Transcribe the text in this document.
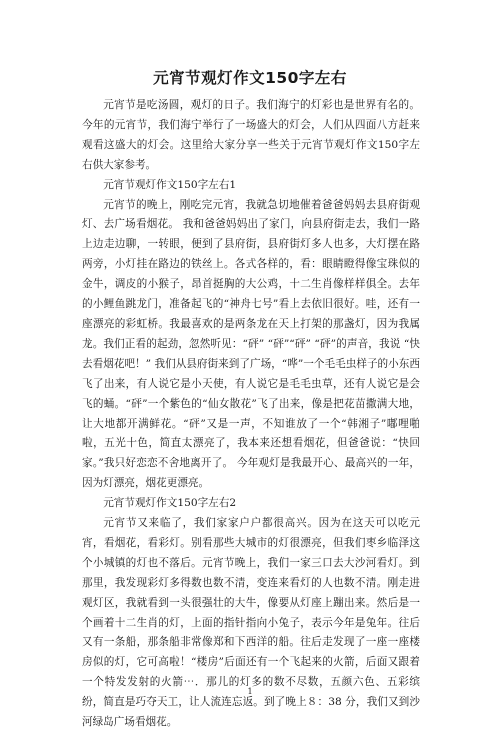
元宵节观灯作文150字左右

元宵节是吃汤圆，观灯的日子。我们海宁的灯彩也是世界有名的。今年的元宵节，我们海宁举行了一场盛大的灯会，人们从四面八方赶来观看这盛大的灯会。这里给大家分享一些关于元宵节观灯作文150字左右供大家参考。

元宵节观灯作文150字左右1

元宵节的晚上，刚吃完元宵，我就急切地催着爸爸妈妈去县府街观灯、去广场看烟花。 我和爸爸妈妈出了家门，向县府街走去，我们一路上边走边聊，一转眼，便到了县府街，县府街灯多人也多，大灯摆在路两旁，小灯挂在路边的铁丝上。各式各样的，看：眼睛瞪得像宝珠似的金牛，调皮的小猴子，昂首挺胸的大公鸡，十二生肖像样样俱全。去年的小鲤鱼跳龙门，准备起飞的“神舟七号”看上去依旧很好。哇，还有一座漂亮的彩虹桥。我最喜欢的是两条龙在天上打架的那盏灯，因为我属龙。我们正看的起劲，忽然听见：“砰” “砰”“砰” “砰”的声音，我说 “快去看烟花吧！” 我们从县府街来到了广场，“哗”一个毛毛虫样子的小东西飞了出来，有人说它是小天使，有人说它是毛毛虫草，还有人说它是会飞的蛹。“砰”一个紫色的“仙女散花”飞了出来，像是把花苗撒满大地，让大地都开满鲜花。“砰”又是一声，不知谁放了一个“韩湘子”嘟哩啪啦，五光十色，简直太漂亮了，我本来还想看烟花，但爸爸说：“快回家。”我只好恋恋不舍地离开了。 今年观灯是我最开心、最高兴的一年，因为灯漂亮，烟花更漂亮。

元宵节观灯作文150字左右2

元宵节又来临了，我们家家户户都很高兴。因为在这天可以吃元宵，看烟花，看彩灯。别看那些大城市的灯很漂亮，但我们枣乡临泽这个小城镇的灯也不落后。元宵节晚上，我们一家三口去大沙河看灯。到那里，我发现彩灯多得数也数不清，变连来看灯的人也数不清。刚走进观灯区，我就看到一头很强壮的大牛，像要从灯座上蹦出来。然后是一个画着十二生肖的灯，上面的指针指向小兔子，表示今年是兔年。往后又有一条船，那条船非常像郑和下西洋的船。往后走发现了一座一座楼房似的灯，它可高啦！“楼房”后面还有一个飞起来的火箭，后面又跟着一个特发发射的火箭⋯．那儿的灯多的数不尽数，五颜六色、五彩缤纷，简直是巧夺天工，让人流连忘返。到了晚上８：38 分，我们又到沙河绿岛广场看烟花。

1
